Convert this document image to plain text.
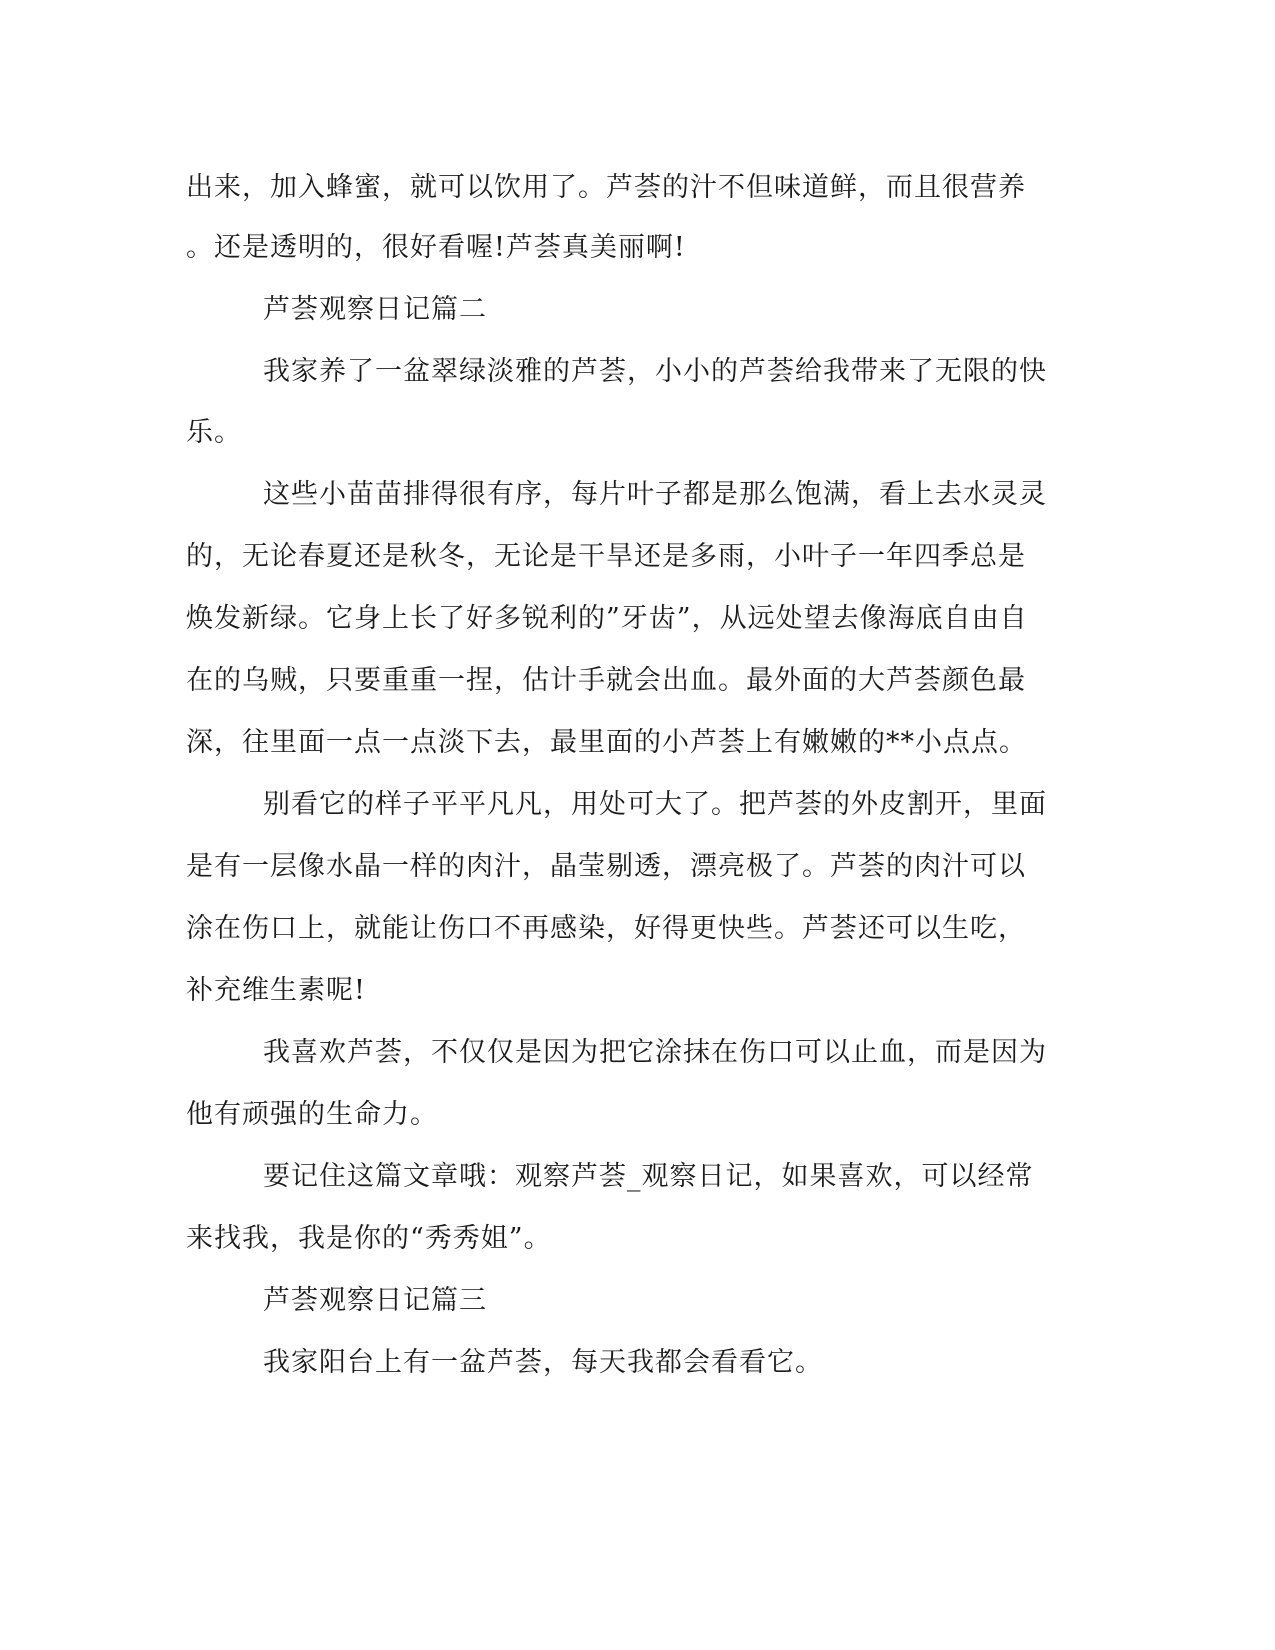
出来，加入蜂蜜，就可以饮用了。芦荟的汁不但味道鲜，而且很营养
。还是透明的，很好看喔!芦荟真美丽啊!
芦荟观察日记篇二
我家养了一盆翠绿淡雅的芦荟，小小的芦荟给我带来了无限的快
乐。
这些小苗苗排得很有序，每片叶子都是那么饱满，看上去水灵灵
的，无论春夏还是秋冬，无论是干旱还是多雨，小叶子一年四季总是
焕发新绿。它身上长了好多锐利的”牙齿”，从远处望去像海底自由自
在的乌贼，只要重重一捏，估计手就会出血。最外面的大芦荟颜色最
深，往里面一点一点淡下去，最里面的小芦荟上有嫩嫩的**小点点。
别看它的样子平平凡凡，用处可大了。把芦荟的外皮割开，里面
是有一层像水晶一样的肉汁，晶莹剔透，漂亮极了。芦荟的肉汁可以
涂在伤口上，就能让伤口不再感染，好得更快些。芦荟还可以生吃，
补充维生素呢!
我喜欢芦荟，不仅仅是因为把它涂抹在伤口可以止血，而是因为
他有顽强的生命力。
要记住这篇文章哦：观察芦荟_观察日记，如果喜欢，可以经常
来找我，我是你的“秀秀姐”。
芦荟观察日记篇三
我家阳台上有一盆芦荟，每天我都会看看它。
